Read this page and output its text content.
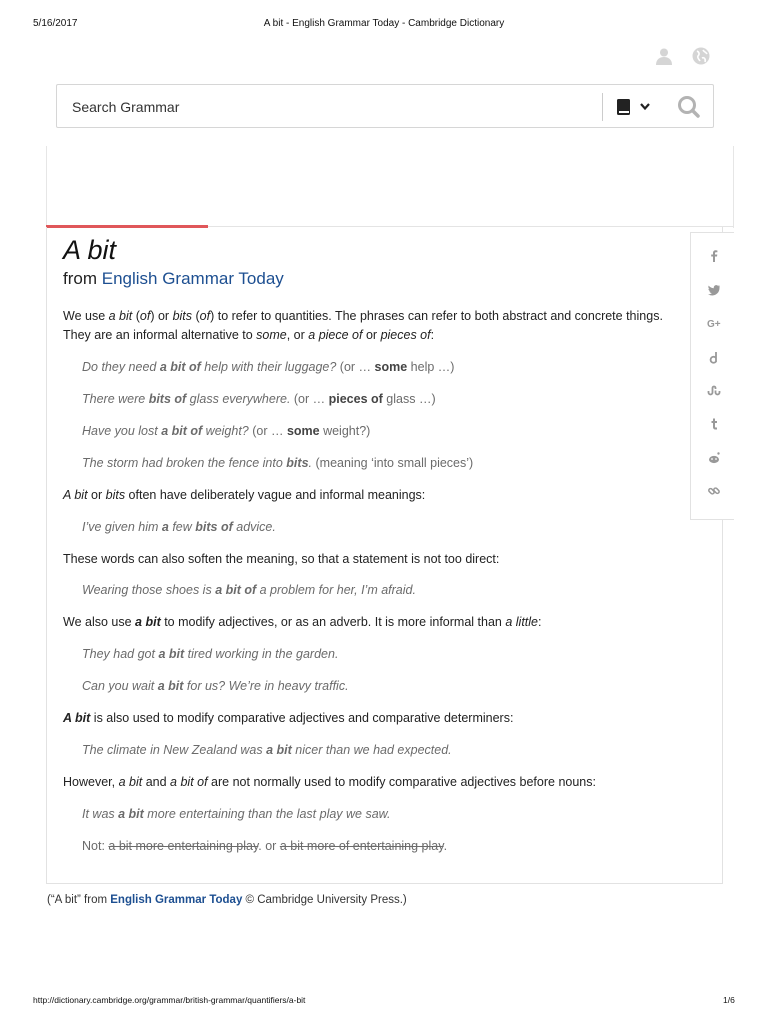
5/16/2017	A bit - English Grammar Today - Cambridge Dictionary
Search Grammar
A bit
from English Grammar Today
We use a bit (of) or bits (of) to refer to quantities. The phrases can refer to both abstract and concrete things. They are an informal alternative to some, or a piece of or pieces of:
Do they need a bit of help with their luggage? (or … some help …)
There were bits of glass everywhere. (or … pieces of glass …)
Have you lost a bit of weight? (or … some weight?)
The storm had broken the fence into bits. (meaning ‘into small pieces’)
A bit or bits often have deliberately vague and informal meanings:
I’ve given him a few bits of advice.
These words can also soften the meaning, so that a statement is not too direct:
Wearing those shoes is a bit of a problem for her, I’m afraid.
We also use a bit to modify adjectives, or as an adverb. It is more informal than a little:
They had got a bit tired working in the garden.
Can you wait a bit for us? We’re in heavy traffic.
A bit is also used to modify comparative adjectives and comparative determiners:
The climate in New Zealand was a bit nicer than we had expected.
However, a bit and a bit of are not normally used to modify comparative adjectives before nouns:
It was a bit more entertaining than the last play we saw.
Not: a bit more entertaining play. or a bit more of entertaining play.
G+
(“A bit” from English Grammar Today © Cambridge University Press.)
http://dictionary.cambridge.org/grammar/british-grammar/quantifiers/a-bit	1/6
